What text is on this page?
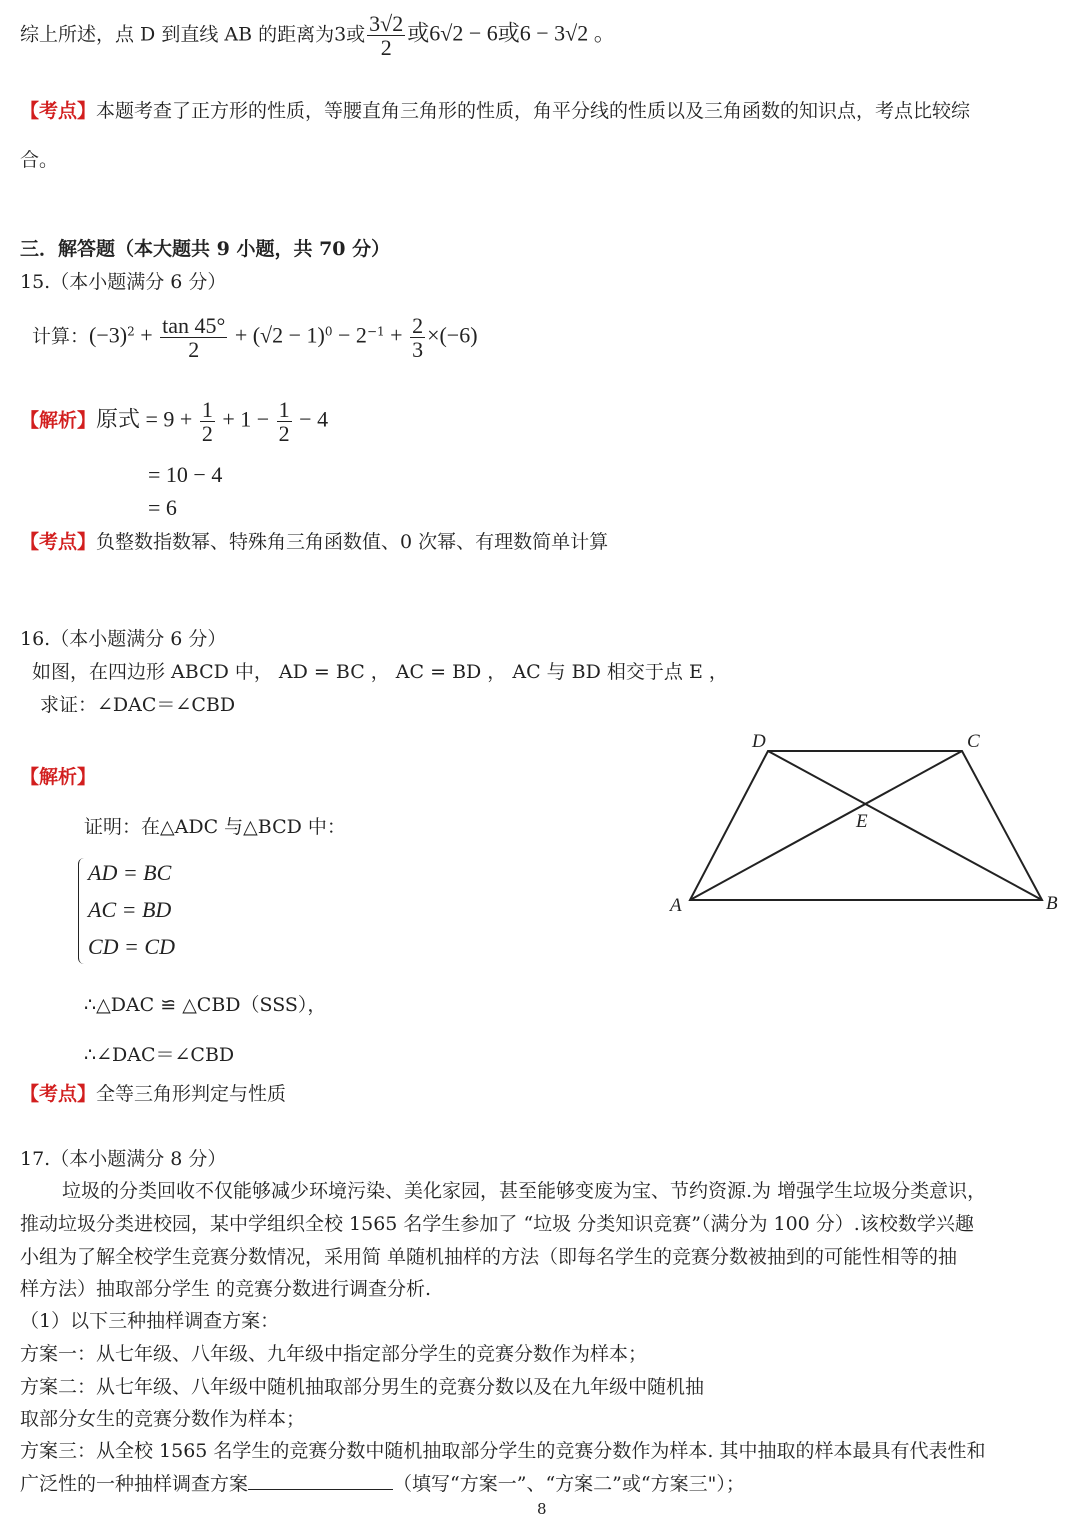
综上所述，点 D 到直线 AB 的距离为3或 $\frac{3√2}{2}$ 或6√2 − 6或6 − 3√2 。
【考点】本题考查了正方形的性质，等腰直角三角形的性质，角平分线的性质以及三角函数的知识点，考点比较综
合。
三．解答题（本大题共 9 小题，共 70 分）
15.（本小题满分 6 分）
计算：$(-3)^2 + \frac{\tan 45^\circ}{2} + (√2 - 1)^0 - 2^{-1} + \frac{2}{3} \times(-6)$
【解析】原式 = $9 + \frac{1}{2} + 1 - \frac{1}{2} - 4$
= 10 − 4
= 6
【考点】负整数指数幂、特殊角三角函数值、0 次幂、有理数简单计算
16.（本小题满分 6 分）
如图，在四边形 ABCD 中， AD = BC ， AC = BD ， AC 与 BD 相交于点 E ，
求证：∠DAC＝∠CBD
【解析】
证明：在△ADC 与△BCD 中：
AD = BC
AC = BD
CD = CD
∴△DAC ≌ △CBD（SSS），
∴∠DAC＝∠CBD
【考点】全等三角形判定与性质
A	B
C
D
E
17.（本小题满分 8 分）
垃圾的分类回收不仅能够减少环境污染、美化家园，甚至能够变废为宝、节约资源.为 增强学生垃圾分类意识，
推动垃圾分类进校园，某中学组织全校 1565 名学生参加了 “垃圾 分类知识竞赛”（满分为 100 分）.该校数学兴趣
小组为了解全校学生竞赛分数情况，采用简 单随机抽样的方法（即每名学生的竞赛分数被抽到的可能性相等的抽
样方法）抽取部分学生 的竞赛分数进行调查分析.
（1）以下三种抽样调查方案：
方案一：从七年级、八年级、九年级中指定部分学生的竞赛分数作为样本；
方案二：从七年级、八年级中随机抽取部分男生的竞赛分数以及在九年级中随机抽
取部分女生的竞赛分数作为样本；
方案三：从全校 1565 名学生的竞赛分数中随机抽取部分学生的竞赛分数作为样本. 其中抽取的样本最具有代表性和
广泛性的一种抽样调查方案	（填写“方案一”、“方案二”或“方案三"）；
8
